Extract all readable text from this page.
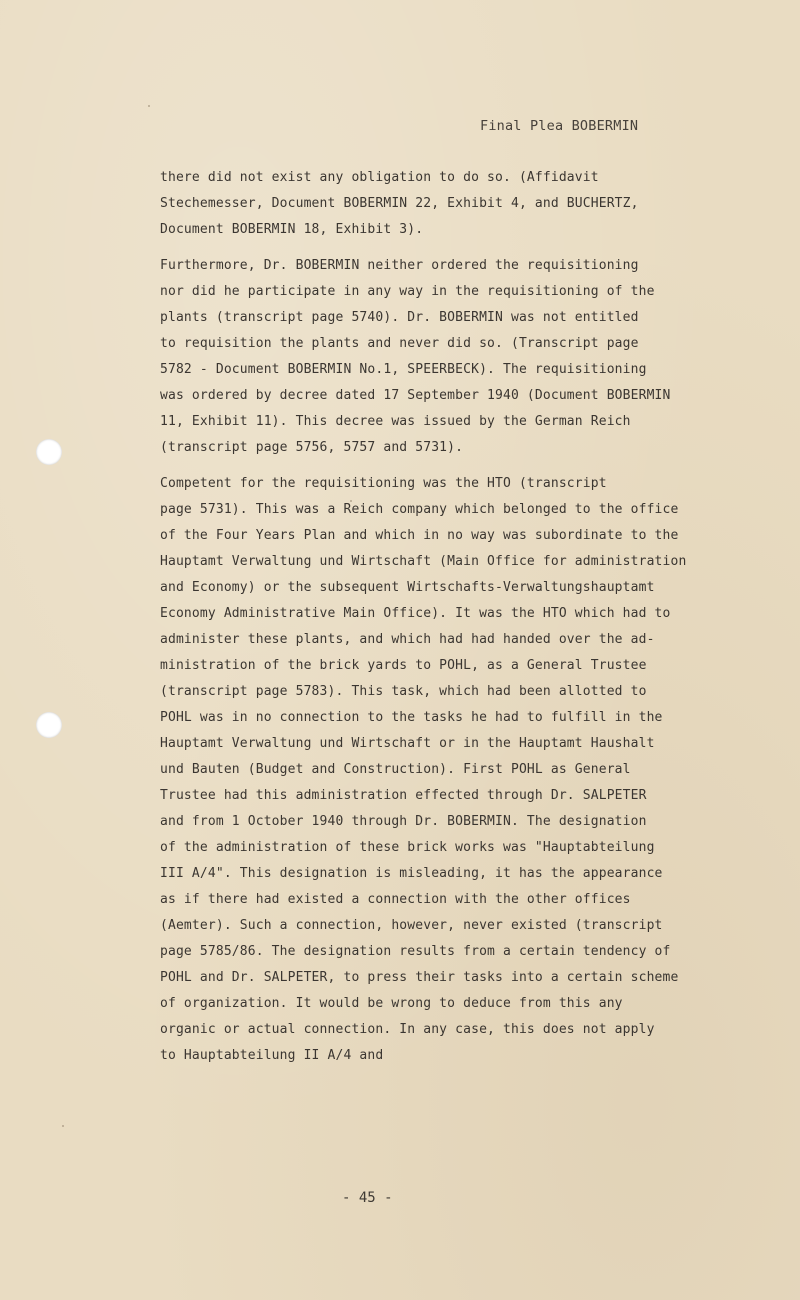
Final Plea BOBERMIN

there did not exist any obligation to do so. (Affidavit
Stechemesser, Document BOBERMIN 22, Exhibit 4, and BUCHERTZ,
Document BOBERMIN 18, Exhibit 3).

Furthermore, Dr. BOBERMIN neither ordered the requisitioning
nor did he participate in any way in the requisitioning of the
plants (transcript page 5740). Dr. BOBERMIN was not entitled
to requisition the plants and never did so. (Transcript page
5782 - Document BOBERMIN No.1, SPEERBECK). The requisitioning
was ordered by decree dated 17 September 1940 (Document BOBERMIN
11, Exhibit 11). This decree was issued by the German Reich
(transcript page 5756, 5757 and 5731).

Competent for the requisitioning was the HTO (transcript
page 5731). This was a Reich company which belonged to the office
of the Four Years Plan and which in no way was subordinate to the
Hauptamt Verwaltung und Wirtschaft (Main Office for administration
and Economy) or the subsequent Wirtschafts-Verwaltungshauptamt
Economy Administrative Main Office). It was the HTO which had to
administer these plants, and which had had handed over the ad-
ministration of the brick yards to POHL, as a General Trustee
(transcript page 5783). This task, which had been allotted to
POHL was in no connection to the tasks he had to fulfill in the
Hauptamt Verwaltung und Wirtschaft or in the Hauptamt Haushalt
und Bauten (Budget and Construction). First POHL as General
Trustee had this administration effected through Dr. SALPETER
and from 1 October 1940 through Dr. BOBERMIN. The designation
of the administration of these brick works was "Hauptabteilung
III A/4". This designation is misleading, it has the appearance
as if there had existed a connection with the other offices
(Aemter). Such a connection, however, never existed (transcript
page 5785/86. The designation results from a certain tendency of
POHL and Dr. SALPETER, to press their tasks into a certain scheme
of organization. It would be wrong to deduce from this any
organic or actual connection. In any case, this does not apply
to Hauptabteilung II A/4 and

- 45 -
